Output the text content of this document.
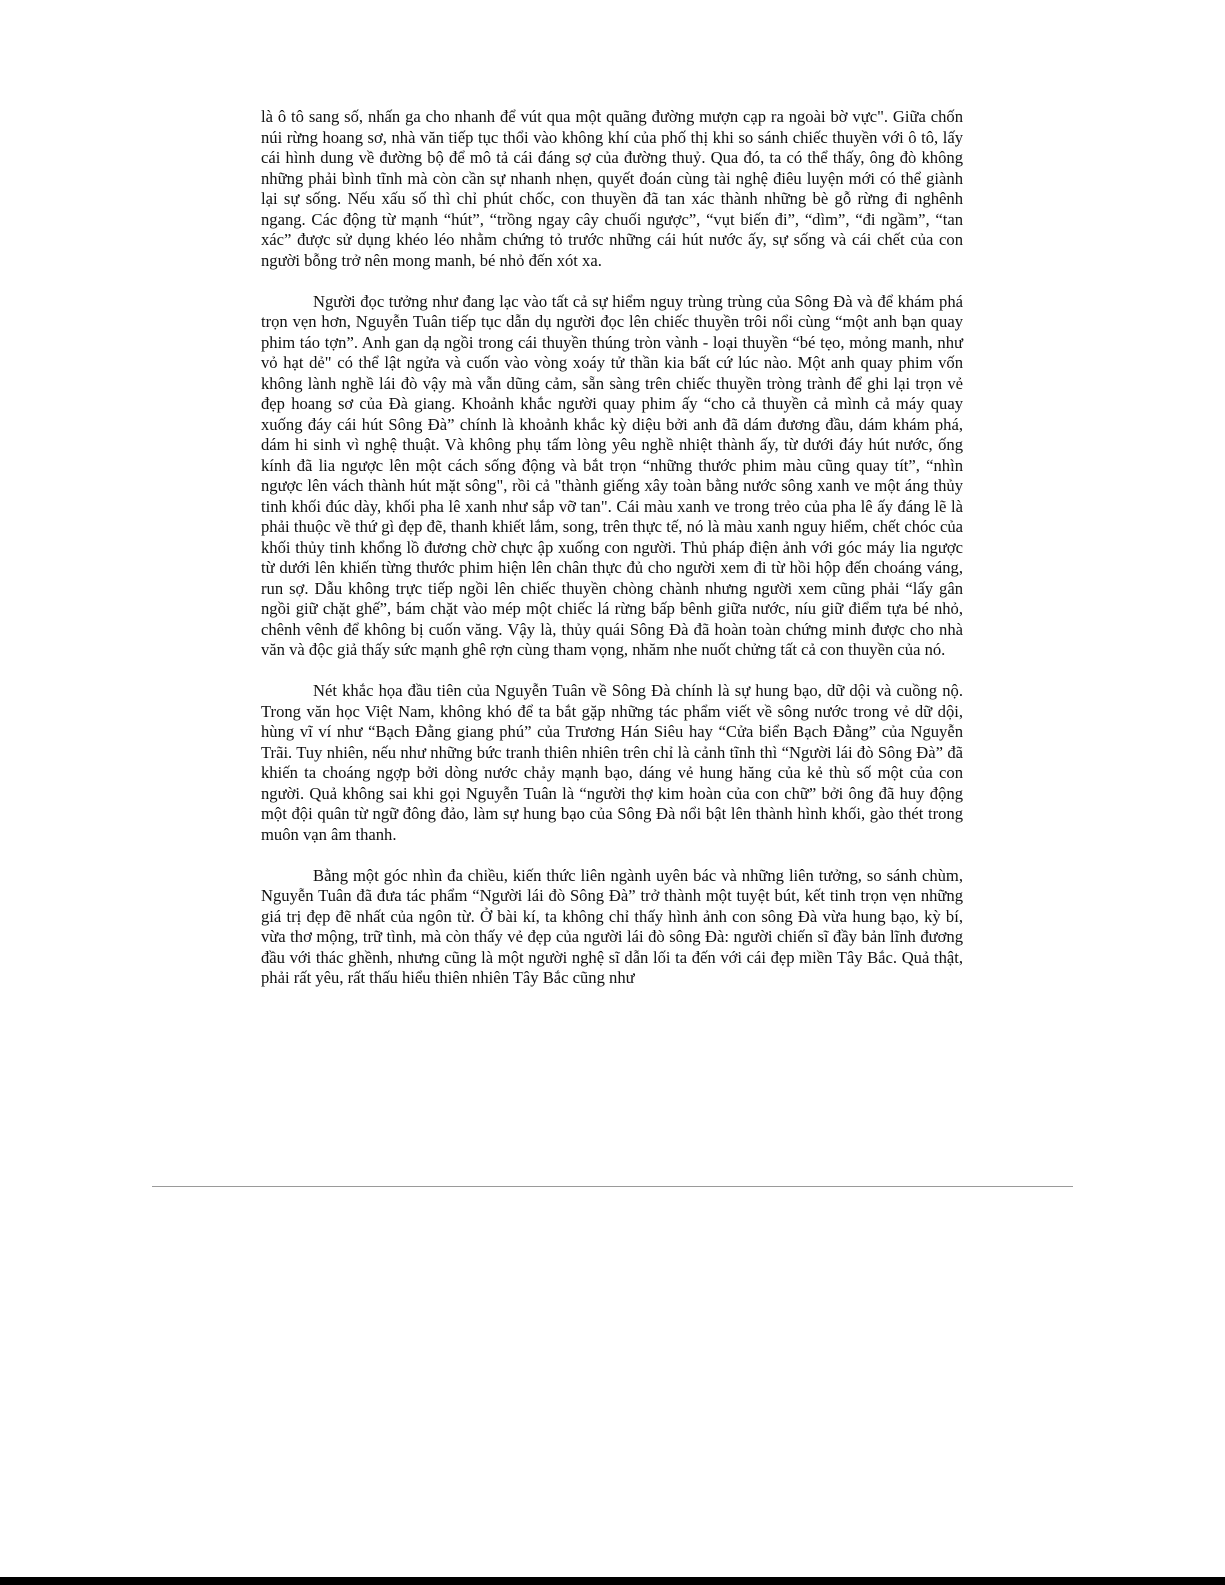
là ô tô sang số, nhấn ga cho nhanh để vút qua một quãng đường mượn cạp ra ngoài bờ vực". Giữa chốn núi rừng hoang sơ, nhà văn tiếp tục thổi vào không khí của phố thị khi so sánh chiếc thuyền với ô tô, lấy cái hình dung về đường bộ để mô tả cái đáng sợ của đường thuỷ. Qua đó, ta có thể thấy, ông đò không những phải bình tĩnh mà còn cần sự nhanh nhẹn, quyết đoán cùng tài nghệ điêu luyện mới có thể giành lại sự sống. Nếu xấu số thì chỉ phút chốc, con thuyền đã tan xác thành những bè gỗ rừng đi nghênh ngang. Các động từ mạnh “hút”, “trồng ngay cây chuối ngược”, “vụt biến đi”, “dìm”, “đi ngầm”, “tan xác” được sử dụng khéo léo nhằm chứng tỏ trước những cái hút nước ấy, sự sống và cái chết của con người bỗng trở nên mong manh, bé nhỏ đến xót xa.

Người đọc tưởng như đang lạc vào tất cả sự hiểm nguy trùng trùng của Sông Đà và để khám phá trọn vẹn hơn, Nguyễn Tuân tiếp tục dẫn dụ người đọc lên chiếc thuyền trôi nổi cùng “một anh bạn quay phim táo tợn”. Anh gan dạ ngồi trong cái thuyền thúng tròn vành - loại thuyền “bé tẹo, mỏng manh, như vỏ hạt dẻ" có thể lật ngửa và cuốn vào vòng xoáy tử thần kia bất cứ lúc nào. Một anh quay phim vốn không lành nghề lái đò vậy mà vẫn dũng cảm, sẵn sàng trên chiếc thuyền tròng trành để ghi lại trọn vẻ đẹp hoang sơ của Đà giang. Khoảnh khắc người quay phim ấy “cho cả thuyền cả mình cả máy quay xuống đáy cái hút Sông Đà” chính là khoảnh khắc kỳ diệu bởi anh đã dám đương đầu, dám khám phá, dám hi sinh vì nghệ thuật. Và không phụ tấm lòng yêu nghề nhiệt thành ấy, từ dưới đáy hút nước, ống kính đã lia ngược lên một cách sống động và bắt trọn “những thước phim màu cũng quay tít”, “nhìn ngược lên vách thành hút mặt sông", rồi cả "thành giếng xây toàn bằng nước sông xanh ve một áng thủy tinh khối đúc dày, khối pha lê xanh như sắp vỡ tan". Cái màu xanh ve trong trẻo của pha lê ấy đáng lẽ là phải thuộc về thứ gì đẹp đẽ, thanh khiết lắm, song, trên thực tế, nó là màu xanh nguy hiểm, chết chóc của khối thủy tinh khổng lồ đương chờ chực ập xuống con người. Thủ pháp điện ảnh với góc máy lia ngược từ dưới lên khiến từng thước phim hiện lên chân thực đủ cho người xem đi từ hồi hộp đến choáng váng, run sợ. Dẫu không trực tiếp ngồi lên chiếc thuyền chòng chành nhưng người xem cũng phải “lấy gân ngồi giữ chặt ghế”, bám chặt vào mép một chiếc lá rừng bấp bênh giữa nước, níu giữ điểm tựa bé nhỏ, chênh vênh để không bị cuốn văng. Vậy là, thủy quái Sông Đà đã hoàn toàn chứng minh được cho nhà văn và độc giả thấy sức mạnh ghê rợn cùng tham vọng, nhăm nhe nuốt chửng tất cả con thuyền của nó.

Nét khắc họa đầu tiên của Nguyễn Tuân về Sông Đà chính là sự hung bạo, dữ dội và cuồng nộ. Trong văn học Việt Nam, không khó để ta bắt gặp những tác phẩm viết về sông nước trong vẻ dữ dội, hùng vĩ ví như “Bạch Đằng giang phú” của Trương Hán Siêu hay “Cửa biển Bạch Đằng” của Nguyễn Trãi. Tuy nhiên, nếu như những bức tranh thiên nhiên trên chỉ là cảnh tĩnh thì “Người lái đò Sông Đà” đã khiến ta choáng ngợp bởi dòng nước chảy mạnh bạo, dáng vẻ hung hăng của kẻ thù số một của con người. Quả không sai khi gọi Nguyễn Tuân là “người thợ kim hoàn của con chữ” bởi ông đã huy động một đội quân từ ngữ đông đảo, làm sự hung bạo của Sông Đà nổi bật lên thành hình khối, gào thét trong muôn vạn âm thanh.

Bằng một góc nhìn đa chiều, kiến thức liên ngành uyên bác và những liên tưởng, so sánh chùm, Nguyễn Tuân đã đưa tác phẩm “Người lái đò Sông Đà” trở thành một tuyệt bút, kết tinh trọn vẹn những giá trị đẹp đẽ nhất của ngôn từ. Ở bài kí, ta không chỉ thấy hình ảnh con sông Đà vừa hung bạo, kỳ bí, vừa thơ mộng, trữ tình, mà còn thấy vẻ đẹp của người lái đò sông Đà: người chiến sĩ đầy bản lĩnh đương đầu với thác ghềnh, nhưng cũng là một người nghệ sĩ dẫn lối ta đến với cái đẹp miền Tây Bắc. Quả thật, phải rất yêu, rất thấu hiểu thiên nhiên Tây Bắc cũng như
